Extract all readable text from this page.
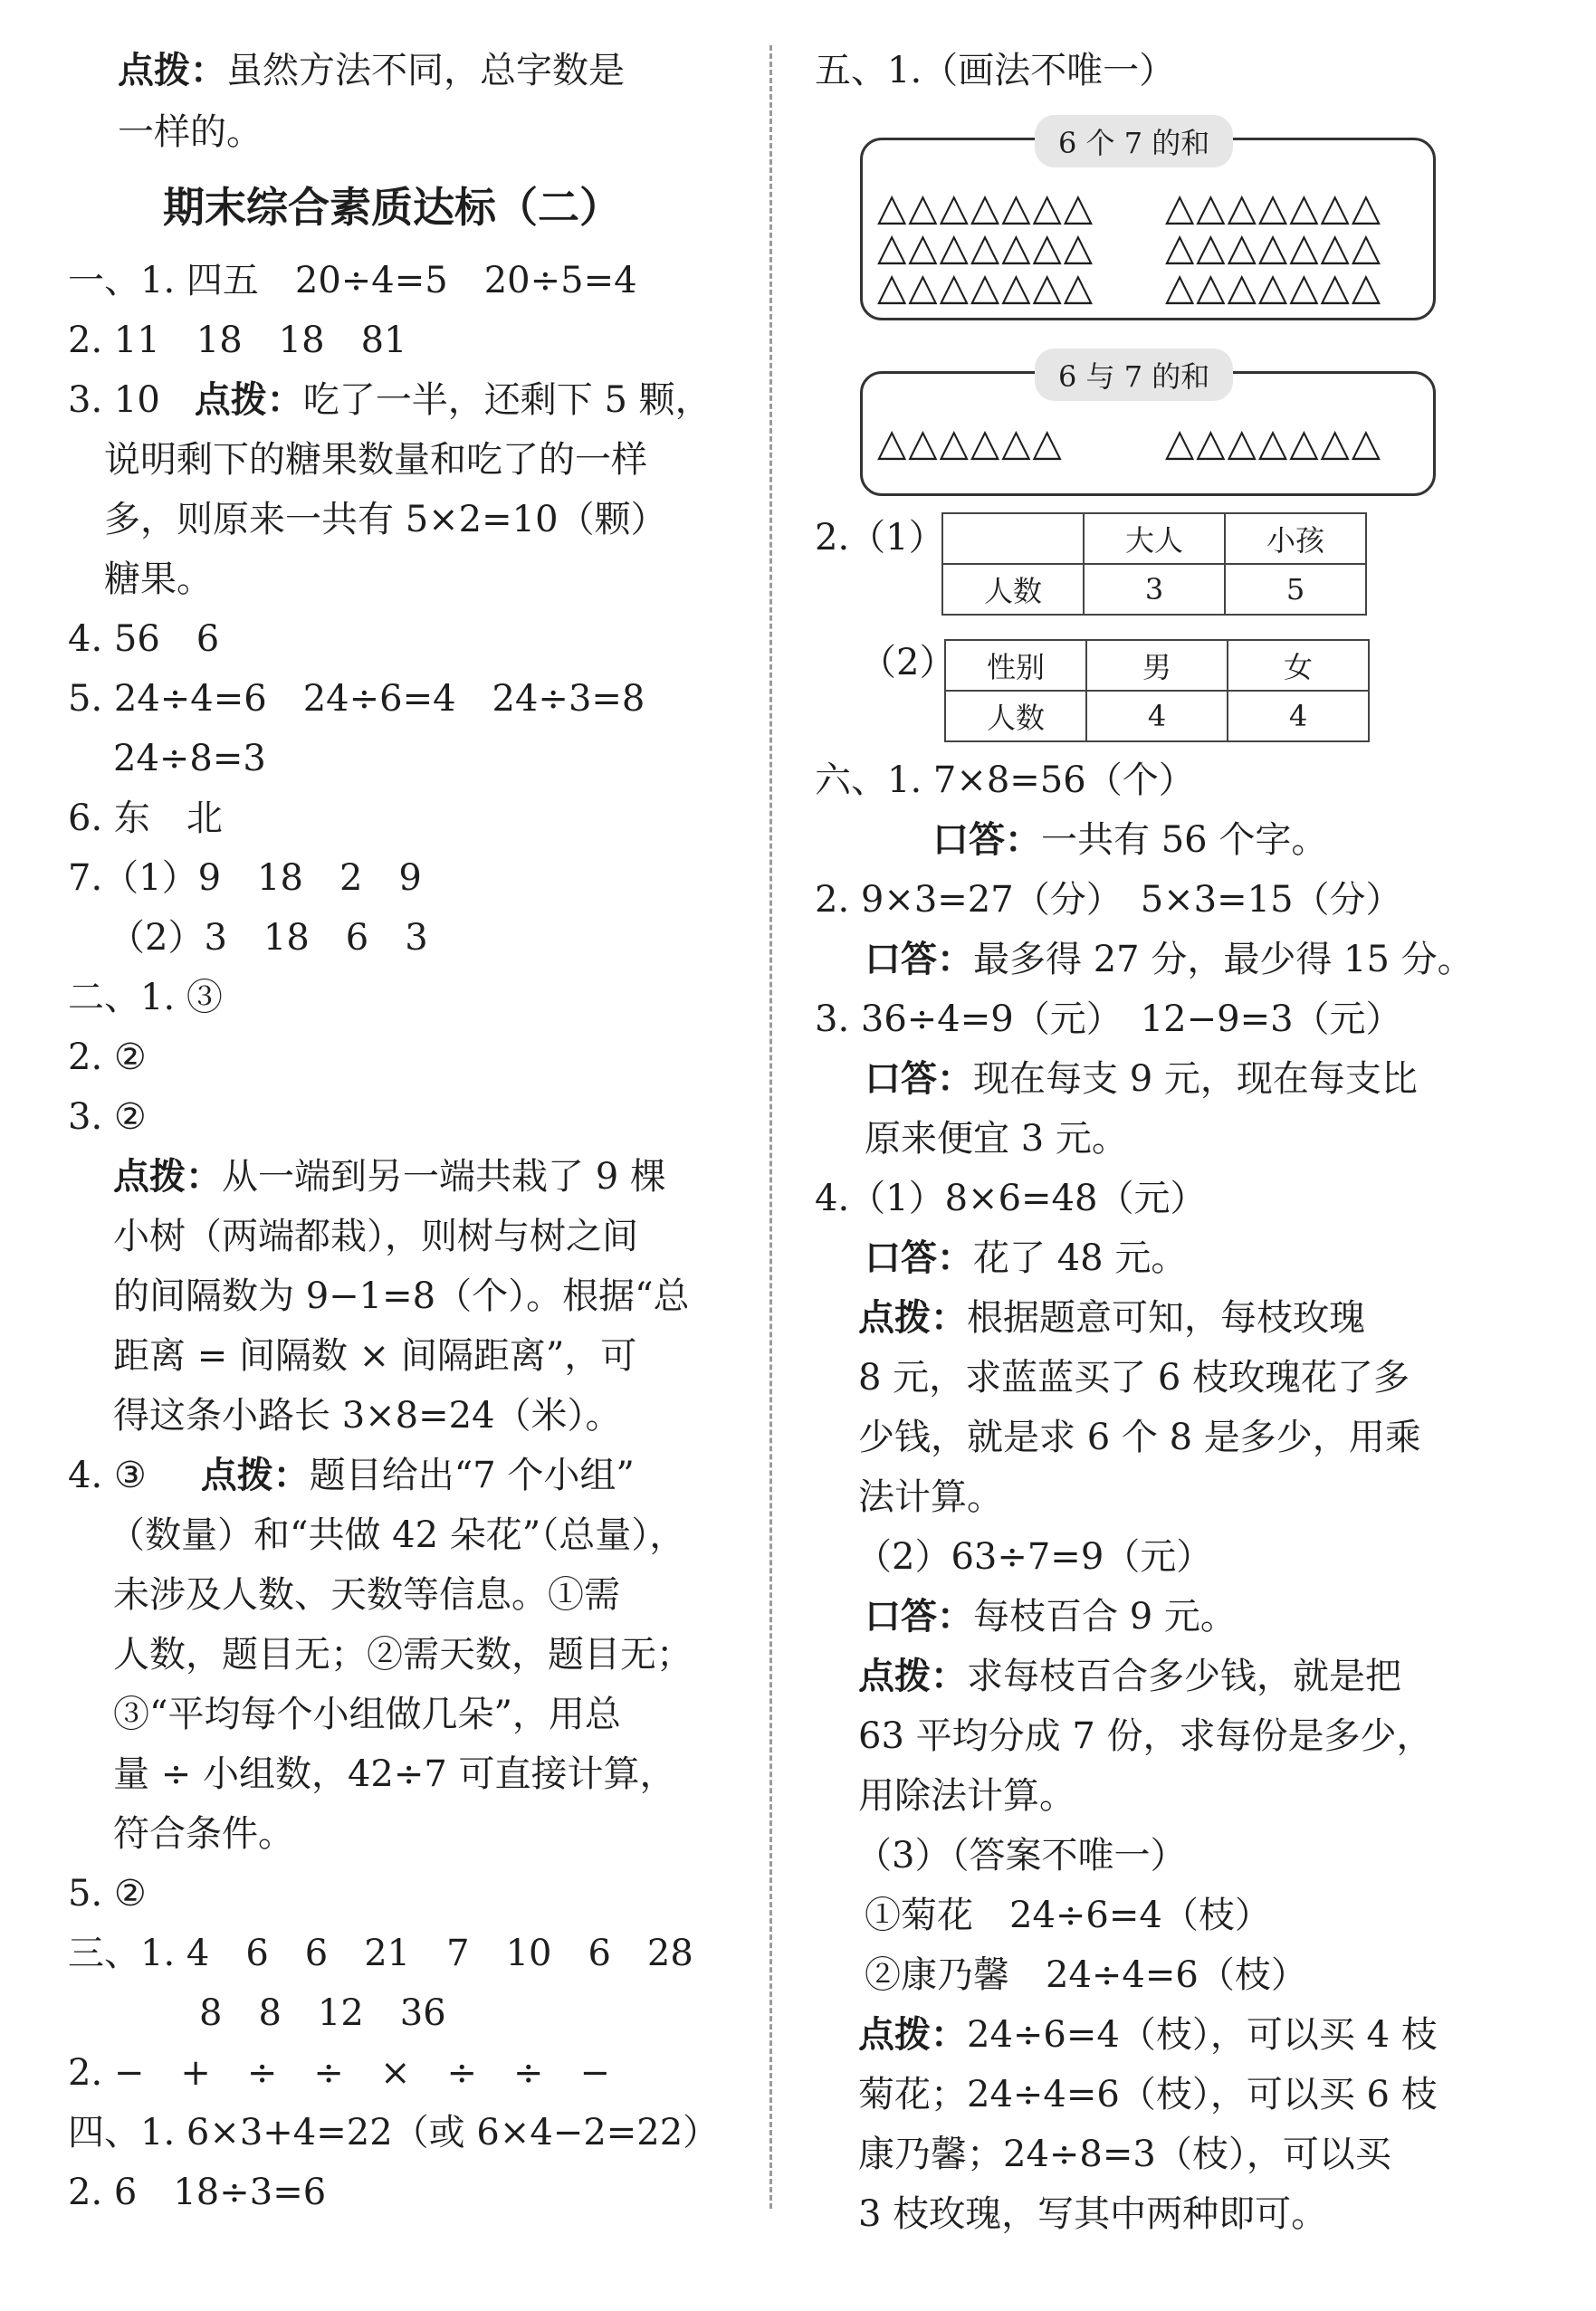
点拨：虽然方法不同，总字数是
一样的。
期末综合素质达标（二）
一、1. 四五　20÷4=5　20÷5=4
2. 11　18　18　81
3. 10 点拨：吃了一半，还剩下 5 颗，
说明剩下的糖果数量和吃了的一样
多，则原来一共有 5×2=10（颗）
糖果。
4. 56　6
5. 24÷4=6　24÷6=4　24÷3=8
24÷8=3
6. 东　北
7.（1）9　18　2　9
（2）3　18　6　3
二、1. ③
2. ②
3. ②
点拨：从一端到另一端共栽了 9 棵
小树（两端都栽），则树与树之间
的间隔数为 9−1=8（个）。根据“总
距离 = 间隔数 × 间隔距离”，可
得这条小路长 3×8=24（米）。
4. ③ 点拨：题目给出“7 个小组”
（数量）和“共做 42 朵花”（总量），
未涉及人数、天数等信息。①需
人数，题目无；②需天数，题目无；
③“平均每个小组做几朵”，用总
量 ÷ 小组数，42÷7 可直接计算，
符合条件。
5. ②
三、1. 4　6　6　21　7　10　6　28
8　8　12　36
2. −　+　÷　÷　×　÷　÷　−
四、1. 6×3+4=22（或 6×4−2=22）
2. 6　18÷3=6
五、1.（画法不唯一）
6 个 7 的和
△△△△△△△
△△△△△△△
△△△△△△△
△△△△△△△
△△△△△△△
△△△△△△△
6 与 7 的和
△△△△△△	△△△△△△△
2.（1）
		大人	小孩
人数	3	5
（2） 性别	男	女
人数	4	4
六、1. 7×8=56（个）
口答：一共有 56 个字。
2. 9×3=27（分）　5×3=15（分）
口答：最多得 27 分，最少得 15 分。
3. 36÷4=9（元）　12−9=3（元）
口答：现在每支 9 元，现在每支比
原来便宜 3 元。
4.（1）8×6=48（元）
口答：花了 48 元。
点拨：根据题意可知，每枝玫瑰
8 元，求蓝蓝买了 6 枝玫瑰花了多
少钱，就是求 6 个 8 是多少，用乘
法计算。
（2）63÷7=9（元）
口答：每枝百合 9 元。
点拨：求每枝百合多少钱，就是把
63 平均分成 7 份，求每份是多少，
用除法计算。
（3）（答案不唯一）
①菊花　24÷6=4（枝）
②康乃馨　24÷4=6（枝）
点拨：24÷6=4（枝），可以买 4 枝
菊花；24÷4=6（枝），可以买 6 枝
康乃馨；24÷8=3（枝），可以买
3 枝玫瑰，写其中两种即可。
